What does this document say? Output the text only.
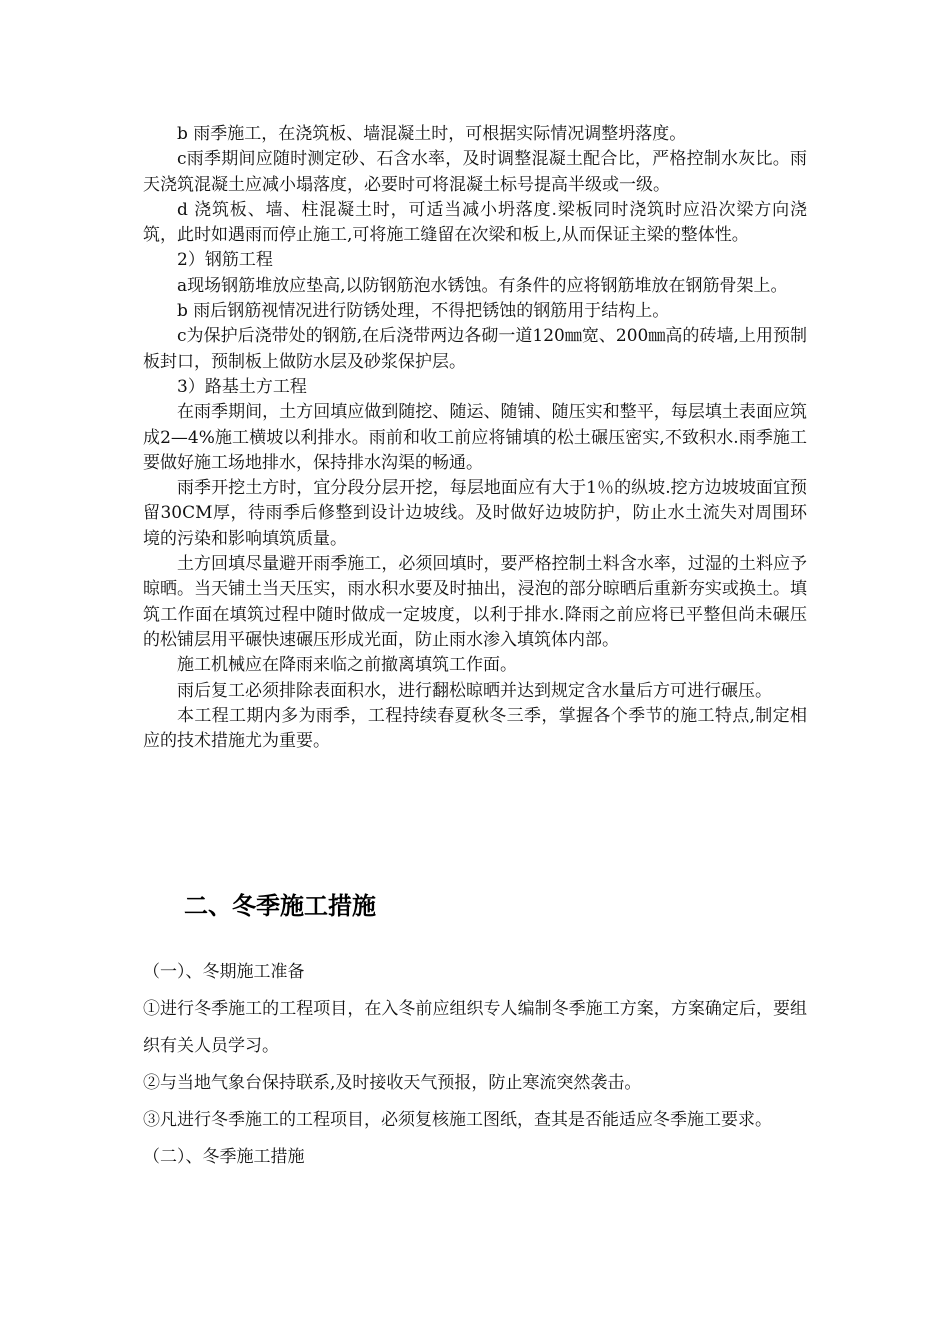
b 雨季施工，在浇筑板、墙混凝土时，可根据实际情况调整坍落度。

c雨季期间应随时测定砂、石含水率，及时调整混凝土配合比，严格控制水灰比。雨天浇筑混凝土应减小塌落度，必要时可将混凝土标号提高半级或一级。

d 浇筑板、墙、柱混凝土时，可适当减小坍落度.梁板同时浇筑时应沿次梁方向浇筑，此时如遇雨而停止施工,可将施工缝留在次梁和板上,从而保证主梁的整体性。

2）钢筋工程

a现场钢筋堆放应垫高,以防钢筋泡水锈蚀。有条件的应将钢筋堆放在钢筋骨架上。

b 雨后钢筋视情况进行防锈处理，不得把锈蚀的钢筋用于结构上。

c为保护后浇带处的钢筋,在后浇带两边各砌一道120㎜宽、200㎜高的砖墙,上用预制板封口，预制板上做防水层及砂浆保护层。

3）路基土方工程

在雨季期间，土方回填应做到随挖、随运、随铺、随压实和整平，每层填土表面应筑成2—4%施工横坡以利排水。雨前和收工前应将铺填的松土碾压密实,不致积水.雨季施工要做好施工场地排水，保持排水沟渠的畅通。

雨季开挖土方时，宜分段分层开挖，每层地面应有大于1％的纵坡.挖方边坡坡面宜预留30CM厚，待雨季后修整到设计边坡线。及时做好边坡防护，防止水土流失对周围环境的污染和影响填筑质量。

土方回填尽量避开雨季施工，必须回填时，要严格控制土料含水率，过湿的土料应予晾晒。当天铺土当天压实，雨水积水要及时抽出，浸泡的部分晾晒后重新夯实或换土。填筑工作面在填筑过程中随时做成一定坡度，以利于排水.降雨之前应将已平整但尚未碾压的松铺层用平碾快速碾压形成光面，防止雨水渗入填筑体内部。

施工机械应在降雨来临之前撤离填筑工作面。

雨后复工必须排除表面积水，进行翻松晾晒并达到规定含水量后方可进行碾压。

本工程工期内多为雨季，工程持续春夏秋冬三季，掌握各个季节的施工特点,制定相应的技术措施尤为重要。

二、冬季施工措施

（一）、冬期施工准备

①进行冬季施工的工程项目，在入冬前应组织专人编制冬季施工方案，方案确定后，要组织有关人员学习。

②与当地气象台保持联系,及时接收天气预报，防止寒流突然袭击。

③凡进行冬季施工的工程项目，必须复核施工图纸，查其是否能适应冬季施工要求。

（二）、冬季施工措施
